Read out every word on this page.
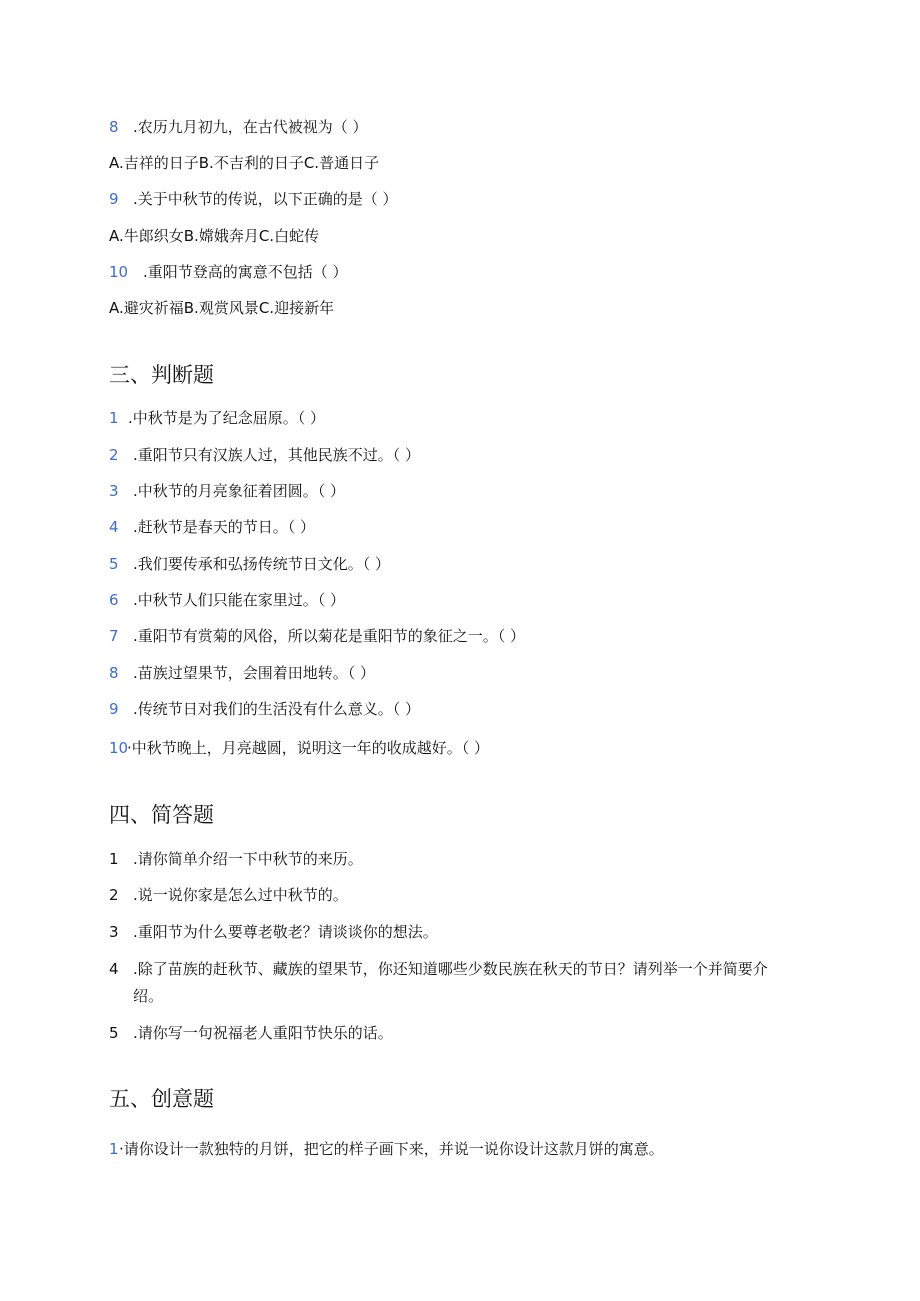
8 .农历九月初九，在古代被视为（ ）
A.吉祥的日子B.不吉利的日子C.普通日子
9 .关于中秋节的传说，以下正确的是（ ）
A.牛郎织女B.嫦娥奔月C.白蛇传
10 .重阳节登高的寓意不包括（ ）
A.避灾祈福B.观赏风景C.迎接新年
三、判断题
1 .中秋节是为了纪念屈原。（ ）
2 .重阳节只有汉族人过，其他民族不过。（ ）
3 .中秋节的月亮象征着团圆。（ ）
4 .赶秋节是春天的节日。（ ）
5 .我们要传承和弘扬传统节日文化。（ ）
6 .中秋节人们只能在家里过。（ ）
7 .重阳节有赏菊的风俗，所以菊花是重阳节的象征之一。（ ）
8 .苗族过望果节，会围着田地转。（ ）
9 .传统节日对我们的生活没有什么意义。（ ）
10·中秋节晚上，月亮越圆，说明这一年的收成越好。（ ）
四、简答题
1 .请你简单介绍一下中秋节的来历。
2 .说一说你家是怎么过中秋节的。
3 .重阳节为什么要尊老敬老？请谈谈你的想法。
4 .除了苗族的赶秋节、藏族的望果节，你还知道哪些少数民族在秋天的节日？请列举一个并简要介
绍。
5 .请你写一句祝福老人重阳节快乐的话。
五、创意题
1·请你设计一款独特的月饼，把它的样子画下来，并说一说你设计这款月饼的寓意。
